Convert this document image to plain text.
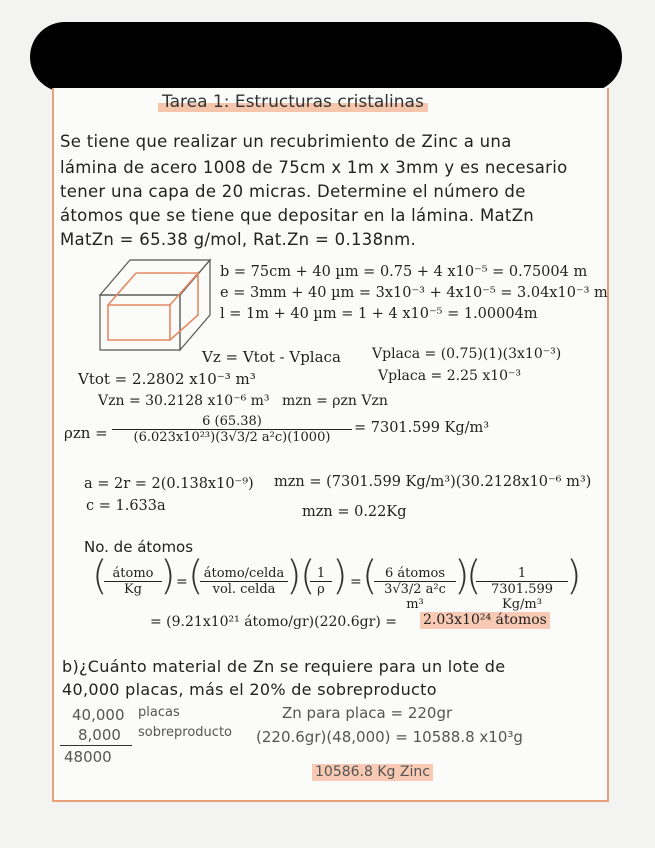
Tarea 1: Estructuras cristalinas
Se tiene que realizar un recubrimiento de Zinc a una
lámina de acero 1008 de 75cm x 1m x 3mm y es necesario
tener una capa de 20 micras. Determine el número de
átomos que se tiene que depositar en la lámina. MatZn
MatZn = 65.38 g/mol, Rat.Zn = 0.138nm.
b = 75cm + 40 µm = 0.75 + 4 x10⁻⁵ = 0.75004 m
e = 3mm + 40 µm = 3x10⁻³ + 4x10⁻⁵ = 3.04x10⁻³ m
l = 1m + 40 µm = 1 + 4 x10⁻⁵ = 1.00004m
Vz = Vtot - Vplaca Vplaca = (0.75)(1)(3x10⁻³)
Vtot = 2.2802 x10⁻³ m³	Vplaca = 2.25 x10⁻³
Vzn = 30.2128 x10⁻⁶ m³ mzn = ρzn Vzn
$\rho zn = \frac{6 (65.38)}{\text{(6.023x10²³)(3√3/2 a²c)(1000)}} = 7301.599$ Kg/m³
a = 2r = 2(0.138x10⁻⁹)
c = 1.633a
mzn = (7301.599 Kg/m³)(30.2128x10⁻⁶ m³)
mzn = 0.22Kg
No. de átomos
( átomo
Kg ) = ( átomo/celda
vol. celda )
(
$\frac{1}{\rho}$ ) = ( 6 átomos
3√3/2 a²c m³
)
(
$\frac{1}{\text{7301.599 Kg/m³}}$
)
= (9.21x10²¹ átomo/gr)(220.6gr) = 2.03x10²⁴ átomos
b)¿Cuánto material de Zn se requiere para un lote de
40,000 placas, más el 20% de sobreproducto
40,000 placas
8,000 sobreproducto
48000
Zn para placa = 220gr
(220.6gr)(48,000) = 10588.8 x10³g
10586.8 Kg Zinc
